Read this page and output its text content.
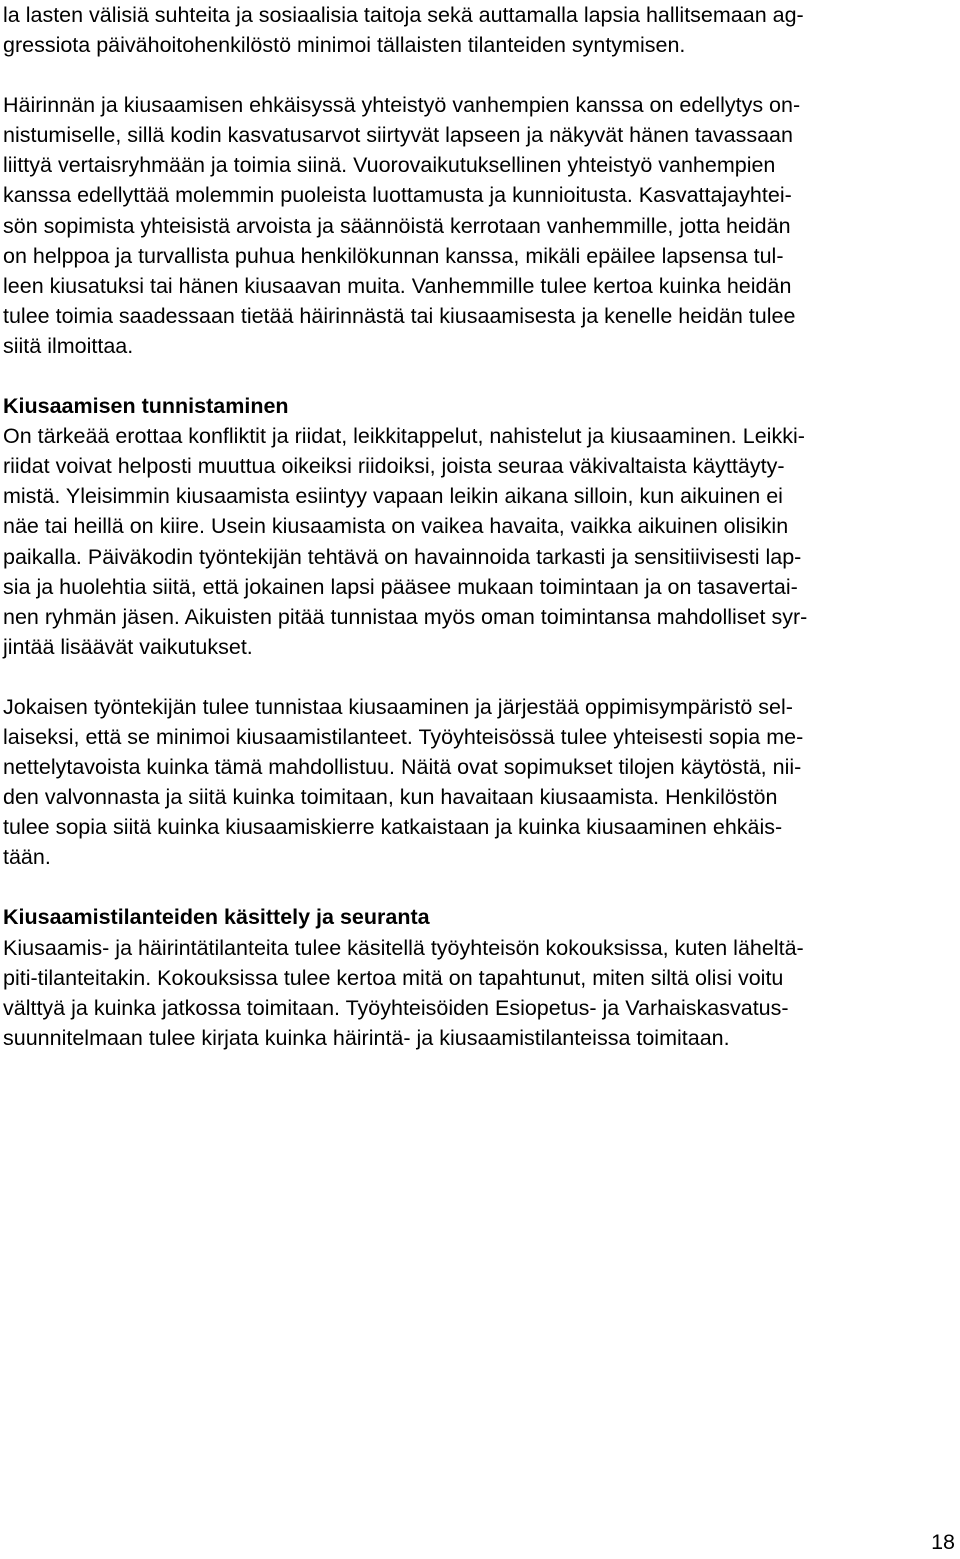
la lasten välisiä suhteita ja sosiaalisia taitoja sekä auttamalla lapsia hallitsemaan ag-
gressiota päivähoitohenkilöstö minimoi tällaisten tilanteiden syntymisen.
Häirinnän ja kiusaamisen ehkäisyssä yhteistyö vanhempien kanssa on edellytys on-
nistumiselle, sillä kodin kasvatusarvot siirtyvät lapseen ja näkyvät hänen tavassaan
liittyä vertaisryhmään ja toimia siinä. Vuorovaikutuksellinen yhteistyö vanhempien
kanssa edellyttää molemmin puoleista luottamusta ja kunnioitusta. Kasvattajayhtei-
sön sopimista yhteisistä arvoista ja säännöistä kerrotaan vanhemmille, jotta heidän
on helppoa ja turvallista puhua henkilökunnan kanssa, mikäli epäilee lapsensa tul-
leen kiusatuksi tai hänen kiusaavan muita. Vanhemmille tulee kertoa kuinka heidän
tulee toimia saadessaan tietää häirinnästä tai kiusaamisesta ja kenelle heidän tulee
siitä ilmoittaa.
Kiusaamisen tunnistaminen
On tärkeää erottaa konfliktit ja riidat, leikkitappelut, nahistelut ja kiusaaminen. Leikki-
riidat voivat helposti muuttua oikeiksi riidoiksi, joista seuraa väkivaltaista käyttäyty-
mistä. Yleisimmin kiusaamista esiintyy vapaan leikin aikana silloin, kun aikuinen ei
näe tai heillä on kiire. Usein kiusaamista on vaikea havaita, vaikka aikuinen olisikin
paikalla. Päiväkodin työntekijän tehtävä on havainnoida tarkasti ja sensitiivisesti lap-
sia ja huolehtia siitä, että jokainen lapsi pääsee mukaan toimintaan ja on tasavertai-
nen ryhmän jäsen. Aikuisten pitää tunnistaa myös oman toimintansa mahdolliset syr-
jintää lisäävät vaikutukset.
Jokaisen työntekijän tulee tunnistaa kiusaaminen ja järjestää oppimisympäristö sel-
laiseksi, että se minimoi kiusaamistilanteet. Työyhteisössä tulee yhteisesti sopia me-
nettelytavoista kuinka tämä mahdollistuu. Näitä ovat sopimukset tilojen käytöstä, nii-
den valvonnasta ja siitä kuinka toimitaan, kun havaitaan kiusaamista. Henkilöstön
tulee sopia siitä kuinka kiusaamiskierre katkaistaan ja kuinka kiusaaminen ehkäis-
tään.
Kiusaamistilanteiden käsittely ja seuranta
Kiusaamis- ja häirintätilanteita tulee käsitellä työyhteisön kokouksissa, kuten läheltä-
piti-tilanteitakin. Kokouksissa tulee kertoa mitä on tapahtunut, miten siltä olisi voitu
välttyä ja kuinka jatkossa toimitaan. Työyhteisöiden Esiopetus- ja Varhaiskasvatus-
suunnitelmaan tulee kirjata kuinka häirintä- ja kiusaamistilanteissa toimitaan.
18
